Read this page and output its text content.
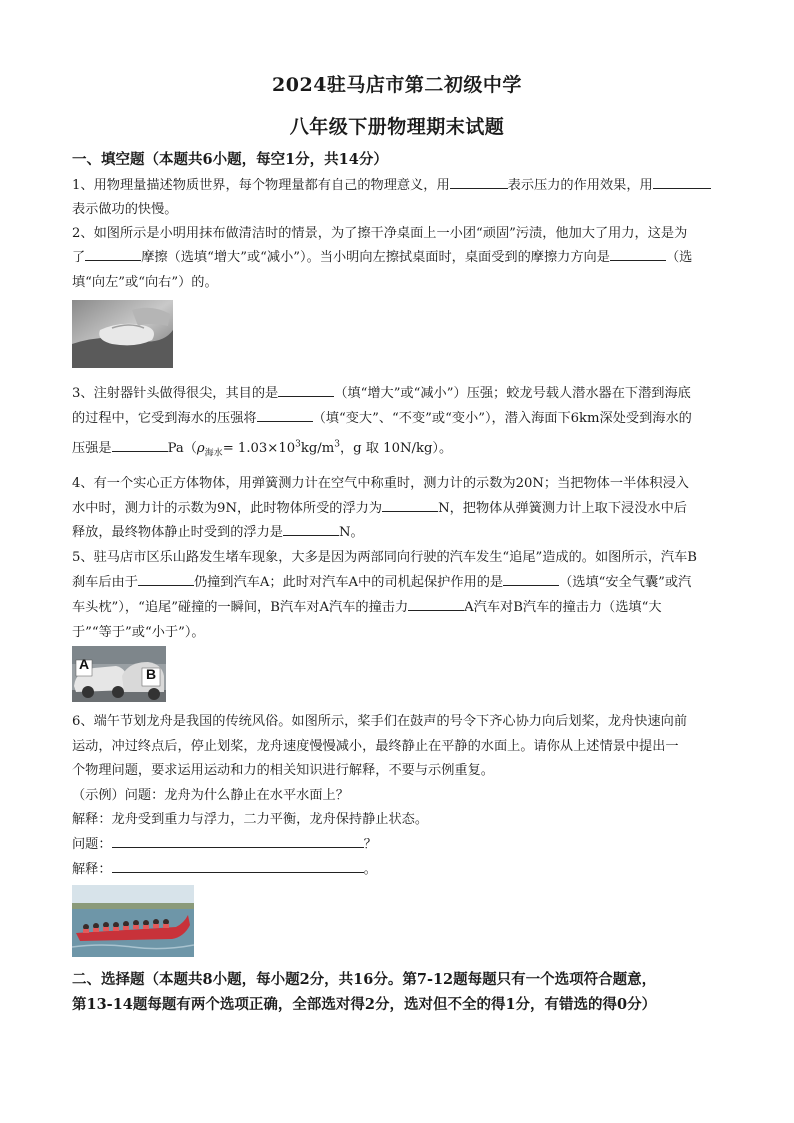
2024驻马店市第二初级中学
八年级下册物理期末试题
一、填空题（本题共6小题，每空1分，共14分）
1、用物理量描述物质世界，每个物理量都有自己的物理意义，用	表示压力的作用效果，用
表示做功的快慢。
2、如图所示是小明用抹布做清洁时的情景，为了擦干净桌面上一小团“顽固”污渍，他加大了用力，这是为
了	摩擦（选填“增大”或“减小”）。当小明向左擦拭桌面时，桌面受到的摩擦力方向是	（选
填“向左”或“向右”）的。
3、注射器针头做得很尖，其目的是	（填“增大”或“减小”）压强；蛟龙号载人潜水器在下潜到海底
的过程中，它受到海水的压强将	（填“变大”、“不变”或“变小”），潜入海面下6km深处受到海水的
压强是	$Pa(\rho_{海水}= 1.03\times 10^3kg/m^3$，g 取 10N/kg）。
4、有一个实心正方体物体，用弹簧测力计在空气中称重时，测力计的示数为20N；当把物体一半体积浸入
水中时，测力计的示数为9N，此时物体所受的浮力为	N，把物体从弹簧测力计上取下浸没水中后
释放，最终物体静止时受到的浮力是	N。
5、驻马店市区乐山路发生堵车现象，大多是因为两部同向行驶的汽车发生“追尾”造成的。如图所示，汽车B
刹车后由于	仍撞到汽车A；此时对汽车A中的司机起保护作用的是	（选填“安全气囊”或汽
车头枕”），“追尾”碰撞的一瞬间，B汽车对A汽车的撞击力	A汽车对B汽车的撞击力（选填“大
于”“等于”或“小于”）。
A
B
6、端午节划龙舟是我国的传统风俗。如图所示，桨手们在鼓声的号令下齐心协力向后划桨，龙舟快速向前
运动，冲过终点后，停止划桨，龙舟速度慢慢减小，最终静止在平静的水面上。请你从上述情景中提出一
个物理问题，要求运用运动和力的相关知识进行解释，不要与示例重复。
（示例）问题：龙舟为什么静止在水平水面上？
解释：龙舟受到重力与浮力，二力平衡，龙舟保持静止状态。
问题：	？
解释：	。
二、选择题（本题共8小题，每小题2分，共16分。第7-12题每题只有一个选项符合题意，
第13-14题每题有两个选项正确，全部选对得2分，选对但不全的得1分，有错选的得0分）
